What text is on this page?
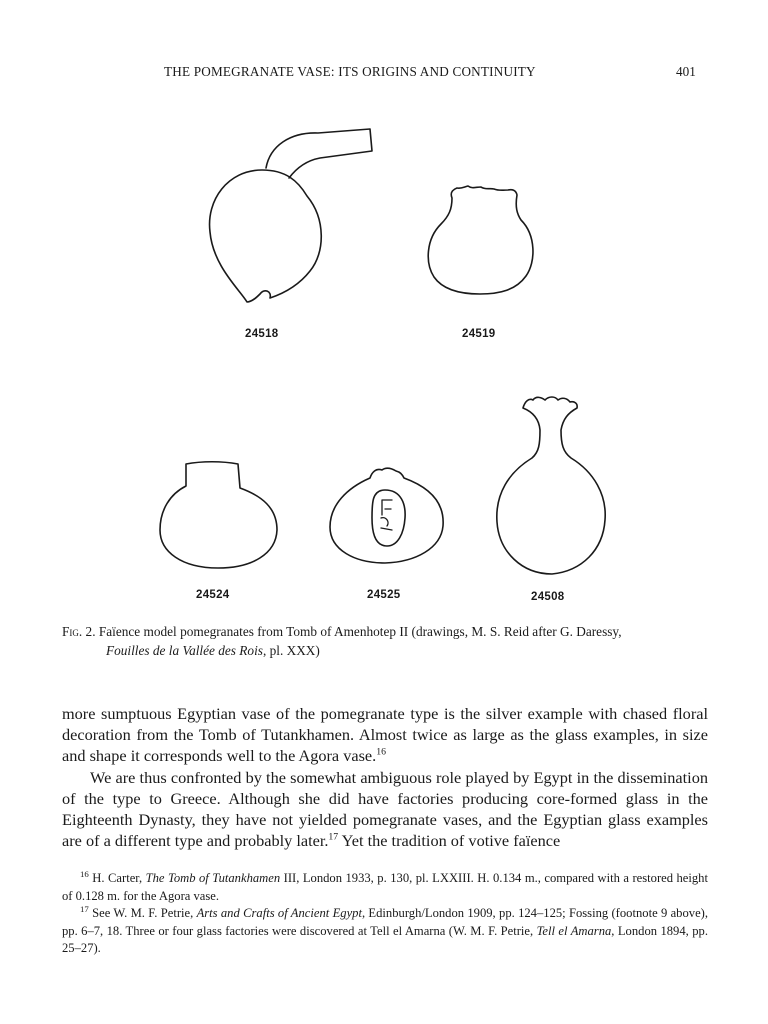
THE POMEGRANATE VASE: ITS ORIGINS AND CONTINUITY	401
24518	24519
24524	24525	24508
Fig. 2. Faïence model pomegranates from Tomb of Amenhotep II (drawings, M. S. Reid after G. Daressy,
Fouilles de la Vallée des Rois, pl. XXX)

more sumptuous Egyptian vase of the pomegranate type is the silver example with chased floral decoration from the Tomb of Tutankhamen. Almost twice as large as the glass examples, in size and shape it corresponds well to the Agora vase.$^{16}$

We are thus confronted by the somewhat ambiguous role played by Egypt in the dissemination of the type to Greece. Although she did have factories producing core-formed glass in the Eighteenth Dynasty, they have not yielded pomegranate vases, and the Egyptian glass examples are of a different type and probably later.$^{17}$ Yet the tradition of votive faïence

$^{16}$ H. Carter, The Tomb of Tutankhamen III, London 1933, p. 130, pl. LXXIII. H. 0.134 m., compared with a restored height of 0.128 m. for the Agora vase.

$^{17}$ See W. M. F. Petrie, Arts and Crafts of Ancient Egypt, Edinburgh/London 1909, pp. 124–125; Fossing (footnote 9 above), pp. 6–7, 18. Three or four glass factories were discovered at Tell el Amarna (W. M. F. Petrie, Tell el Amarna, London 1894, pp. 25–27).
